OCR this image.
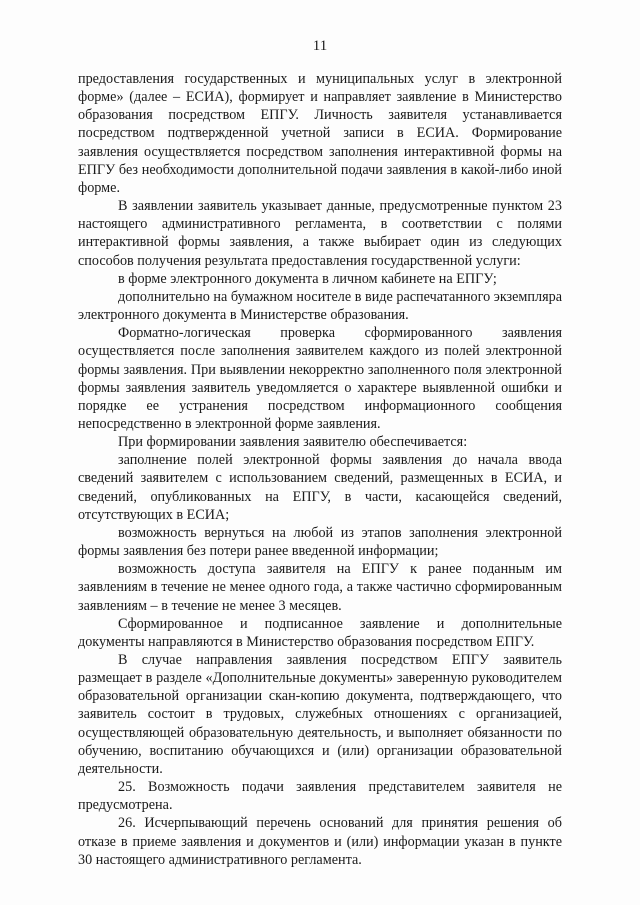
11

предоставления государственных и муниципальных услуг в электронной форме» (далее – ЕСИА), формирует и направляет заявление в Министерство образования посредством ЕПГУ. Личность заявителя устанавливается посредством подтвержденной учетной записи в ЕСИА. Формирование заявления осуществляется посредством заполнения интерактивной формы на ЕПГУ без необходимости дополнительной подачи заявления в какой-либо иной форме.

В заявлении заявитель указывает данные, предусмотренные пунктом 23 настоящего административного регламента, в соответствии с полями интерактивной формы заявления, а также выбирает один из следующих способов получения результата предоставления государственной услуги:

в форме электронного документа в личном кабинете на ЕПГУ;

дополнительно на бумажном носителе в виде распечатанного экземпляра электронного документа в Министерстве образования.

Форматно-логическая проверка сформированного заявления осуществляется после заполнения заявителем каждого из полей электронной формы заявления. При выявлении некорректно заполненного поля электронной формы заявления заявитель уведомляется о характере выявленной ошибки и порядке ее устранения посредством информационного сообщения непосредственно в электронной форме заявления.

При формировании заявления заявителю обеспечивается:

заполнение полей электронной формы заявления до начала ввода сведений заявителем с использованием сведений, размещенных в ЕСИА, и сведений, опубликованных на ЕПГУ, в части, касающейся сведений, отсутствующих в ЕСИА;

возможность вернуться на любой из этапов заполнения электронной формы заявления без потери ранее введенной информации;

возможность доступа заявителя на ЕПГУ к ранее поданным им заявлениям в течение не менее одного года, а также частично сформированным заявлениям – в течение не менее 3 месяцев.

Сформированное и подписанное заявление и дополнительные документы направляются в Министерство образования посредством ЕПГУ.

В случае направления заявления посредством ЕПГУ заявитель размещает в разделе «Дополнительные документы» заверенную руководителем образовательной организации скан-копию документа, подтверждающего, что заявитель состоит в трудовых, служебных отношениях с организацией, осуществляющей образовательную деятельность, и выполняет обязанности по обучению, воспитанию обучающихся и (или) организации образовательной деятельности.

25. Возможность подачи заявления представителем заявителя не предусмотрена.

26. Исчерпывающий перечень оснований для принятия решения об отказе в приеме заявления и документов и (или) информации указан в пункте 30 настоящего административного регламента.
